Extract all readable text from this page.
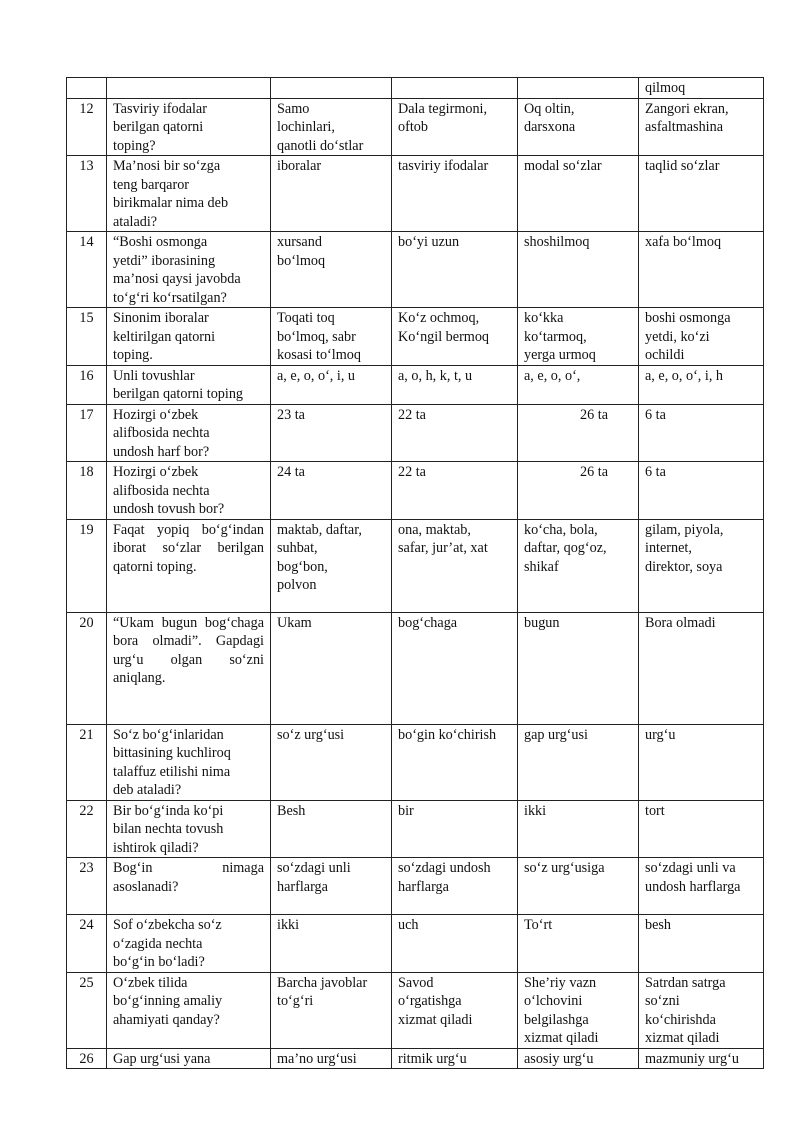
					qilmoq
12	Tasviriy ifodalar
berilgan qatorni
toping?	Samo
lochinlari,
qanotli do‘stlar	Dala tegirmoni,
oftob	Oq oltin,
darsxona	Zangori ekran,
asfaltmashina
13	Ma’nosi bir so‘zga
teng barqaror
birikmalar nima deb
ataladi?	iboralar	tasviriy ifodalar	modal so‘zlar	taqlid so‘zlar
14	“Boshi osmonga
yetdi” iborasining
ma’nosi qaysi javobda
to‘g‘ri ko‘rsatilgan?	xursand
bo‘lmoq	bo‘yi uzun	shoshilmoq	xafa bo‘lmoq
15	Sinonim iboralar
keltirilgan qatorni
toping.	Toqati toq
bo‘lmoq, sabr
kosasi to‘lmoq	Ko‘z ochmoq,
Ko‘ngil bermoq	ko‘kka
ko‘tarmoq,
yerga urmoq	boshi osmonga
yetdi, ko‘zi
ochildi
16	Unli tovushlar
berilgan qatorni toping	a, e, o, o‘, i, u	a, o, h, k, t, u	a, e, o, o‘,	a, e, o, o‘, i, h
17	Hozirgi o‘zbek
alifbosida nechta
undosh harf bor?	23 ta	22 ta	26 ta	6 ta
18	Hozirgi o‘zbek
alifbosida nechta
undosh tovush bor?	24 ta	22 ta	26 ta	6 ta
19	Faqat yopiq bo‘g‘indan iborat so‘zlar berilgan qatorni toping.	maktab, daftar,
suhbat,
bog‘bon,
polvon	ona, maktab,
safar, jur’at, xat	ko‘cha, bola,
daftar, qog‘oz,
shikaf	gilam, piyola,
internet,
direktor, soya
20	“Ukam bugun bog‘chaga bora olmadi”. Gapdagi urg‘u olgan so‘zni aniqlang.	Ukam	bog‘chaga	bugun	Bora olmadi
21	So‘z bo‘g‘inlaridan
bittasining kuchliroq
talaffuz etilishi nima
deb ataladi?	so‘z urg‘usi	bo‘gin ko‘chirish	gap urg‘usi	urg‘u
22	Bir bo‘g‘inda ko‘pi
bilan nechta tovush
ishtirok qiladi?	Besh	bir	ikki	tort
23	Bog‘in nimaga asoslanadi?	so‘zdagi unli
harflarga	so‘zdagi undosh
harflarga	so‘z urg‘usiga	so‘zdagi unli va
undosh harflarga
24	Sof o‘zbekcha so‘z
o‘zagida nechta
bo‘g‘in bo‘ladi?	ikki	uch	To‘rt	besh
25	O‘zbek tilida
bo‘g‘inning amaliy
ahamiyati qanday?	Barcha javoblar
to‘g‘ri	Savod
o‘rgatishga
xizmat qiladi	She’riy vazn
o‘lchovini
belgilashga
xizmat qiladi	Satrdan satrga
so‘zni
ko‘chirishda
xizmat qiladi
26	Gap urg‘usi yana	ma’no urg‘usi	ritmik urg‘u	asosiy urg‘u	mazmuniy urg‘u
